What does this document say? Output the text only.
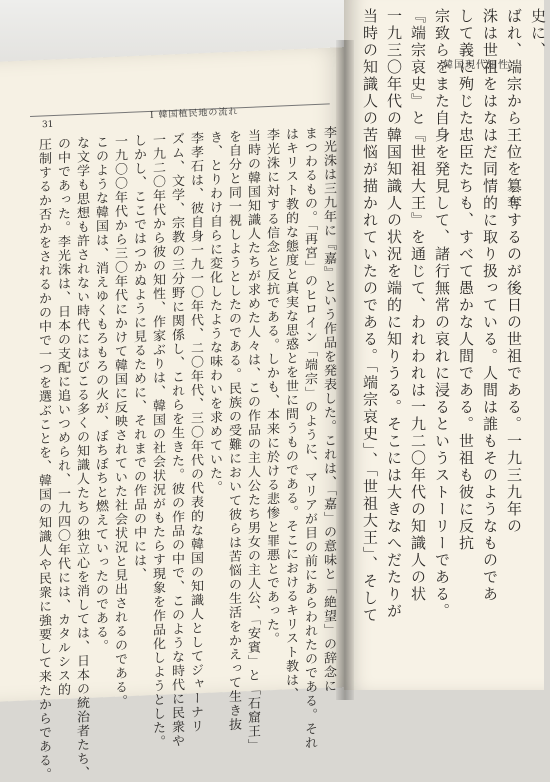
31
Ⅰ 韓国植民地の流れ

李光洙は三九年に『嘉』という作品を発表した。これは、「嘉」の意味と「絶望」の辞念に

まつわるもの。「再宮」のヒロイン「端宗」のように、マリアが目の前にあらわれたのである。それ

はキリスト教的な態度と真実な思惑とを世に問うものである。そこにおけるキリスト教は、

李光洙に対する信念と反抗である。しかも、本来に於ける悲惨と罪悪とであった。

当時の韓国知識人たちが求めた人々は、この作品の主人公たち男女の主人公、「安賓」と「石窟王」

を自分と同一視しようとしたのである。民族の受難において彼らは苦悩の生活をかえって生き抜

き、とりわけ自らに変化したような味わいを求めていた。

李孝石は、彼自身一九一〇年代、二〇年代、三〇年代の代表的な韓国の知識人としてジャーナリ

ズム、文学、宗教の三分野に関係し、これらを生きた。彼の作品の中で、このような時代に民衆や

一九二〇年代から彼の知性、作家ぶりは、韓国の社会状況がもたらす現象を作品化しようとした。

しかし、ここではつかぬように見るために、それまでの作品の中には、

一九〇〇年代から三〇年代にかけて韓国に反映されていた社会状況と見出されるのである。

このような韓国は、消えゆくもろもろの火が、ぼちぼちと燃えていったのである。

な文学も思想も許されない時代にはびこる多くの知識人たちの独立心を消しては、日本の統治者たち、

の中であった。李光洙は、日本の支配に追いつめられ、一九四〇年代には、カタルシス的

圧制するか否かをされるかの中で一つを選ぶことを、韓国の知識人や民衆に強要して来たからである。

韓国現代知性

史に、

ばれ、端宗から王位を簒奪するのが後日の世祖である。一九三九年の

洙は世祖をはなはだ同情的に取り扱っている。人間は誰もそのようなものであ

して義に殉じた忠臣たちも、すべて愚かな人間である。世祖も彼に反抗

宗致らをまた自身を発見して、諸行無常の哀れに浸るというストーリーである。

『端宗哀史』と『世祖大王』を通じて、われわれは一九二〇年代の知識人の状

一九三〇年代の韓国知識人の状況を端的に知りうる。そこには大きなへだたりが

当時の知識人の苦悩が描かれていたのである。「端宗哀史」、「世祖大王」、そして
